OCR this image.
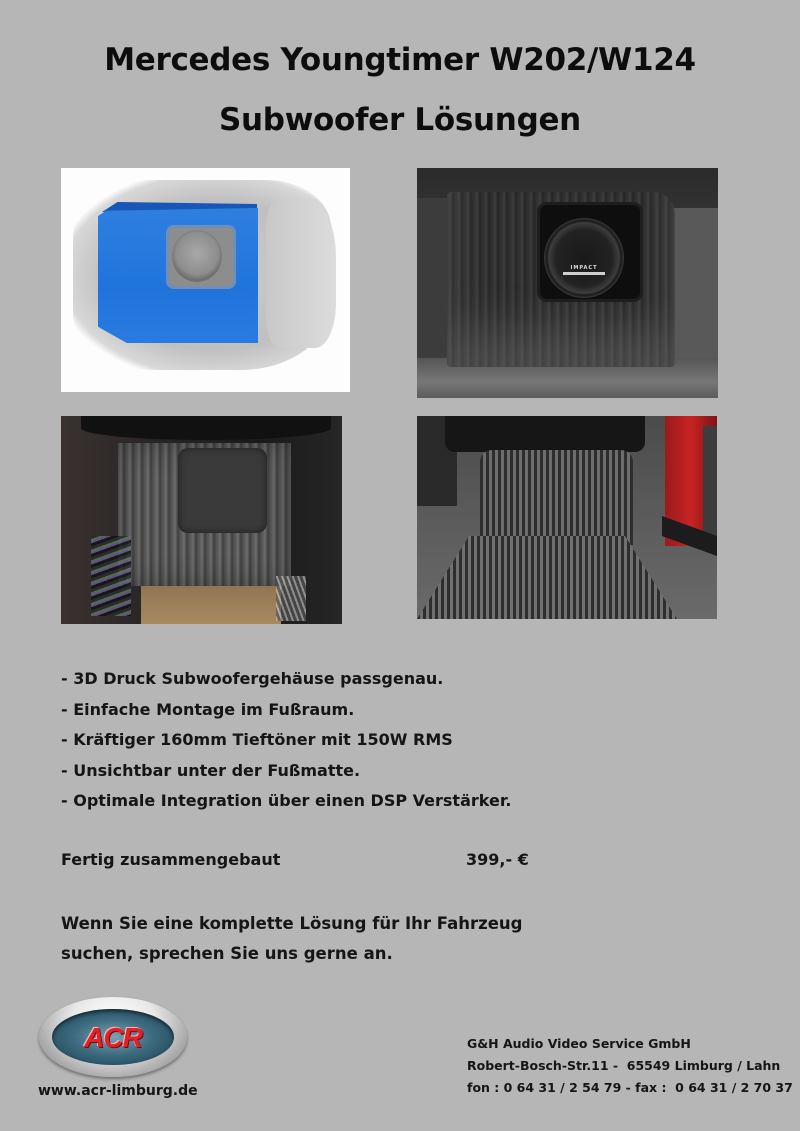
Mercedes Youngtimer W202/W124
Subwoofer Lösungen
IMPACT
- 3D Druck Subwoofergehäuse passgenau.
- Einfache Montage im Fußraum.
- Kräftiger 160mm Tieftöner mit 150W RMS
- Unsichtbar unter der Fußmatte.
- Optimale Integration über einen DSP Verstärker.
Fertig zusammengebaut	399,- €
Wenn Sie eine komplette Lösung für Ihr Fahrzeug
suchen, sprechen Sie uns gerne an.
ACR
www.acr-limburg.de
G&H Audio Video Service GmbH
Robert-Bosch-Str.11 -  65549 Limburg / Lahn
fon : 0 64 31 / 2 54 79 - fax :  0 64 31 / 2 70 37
